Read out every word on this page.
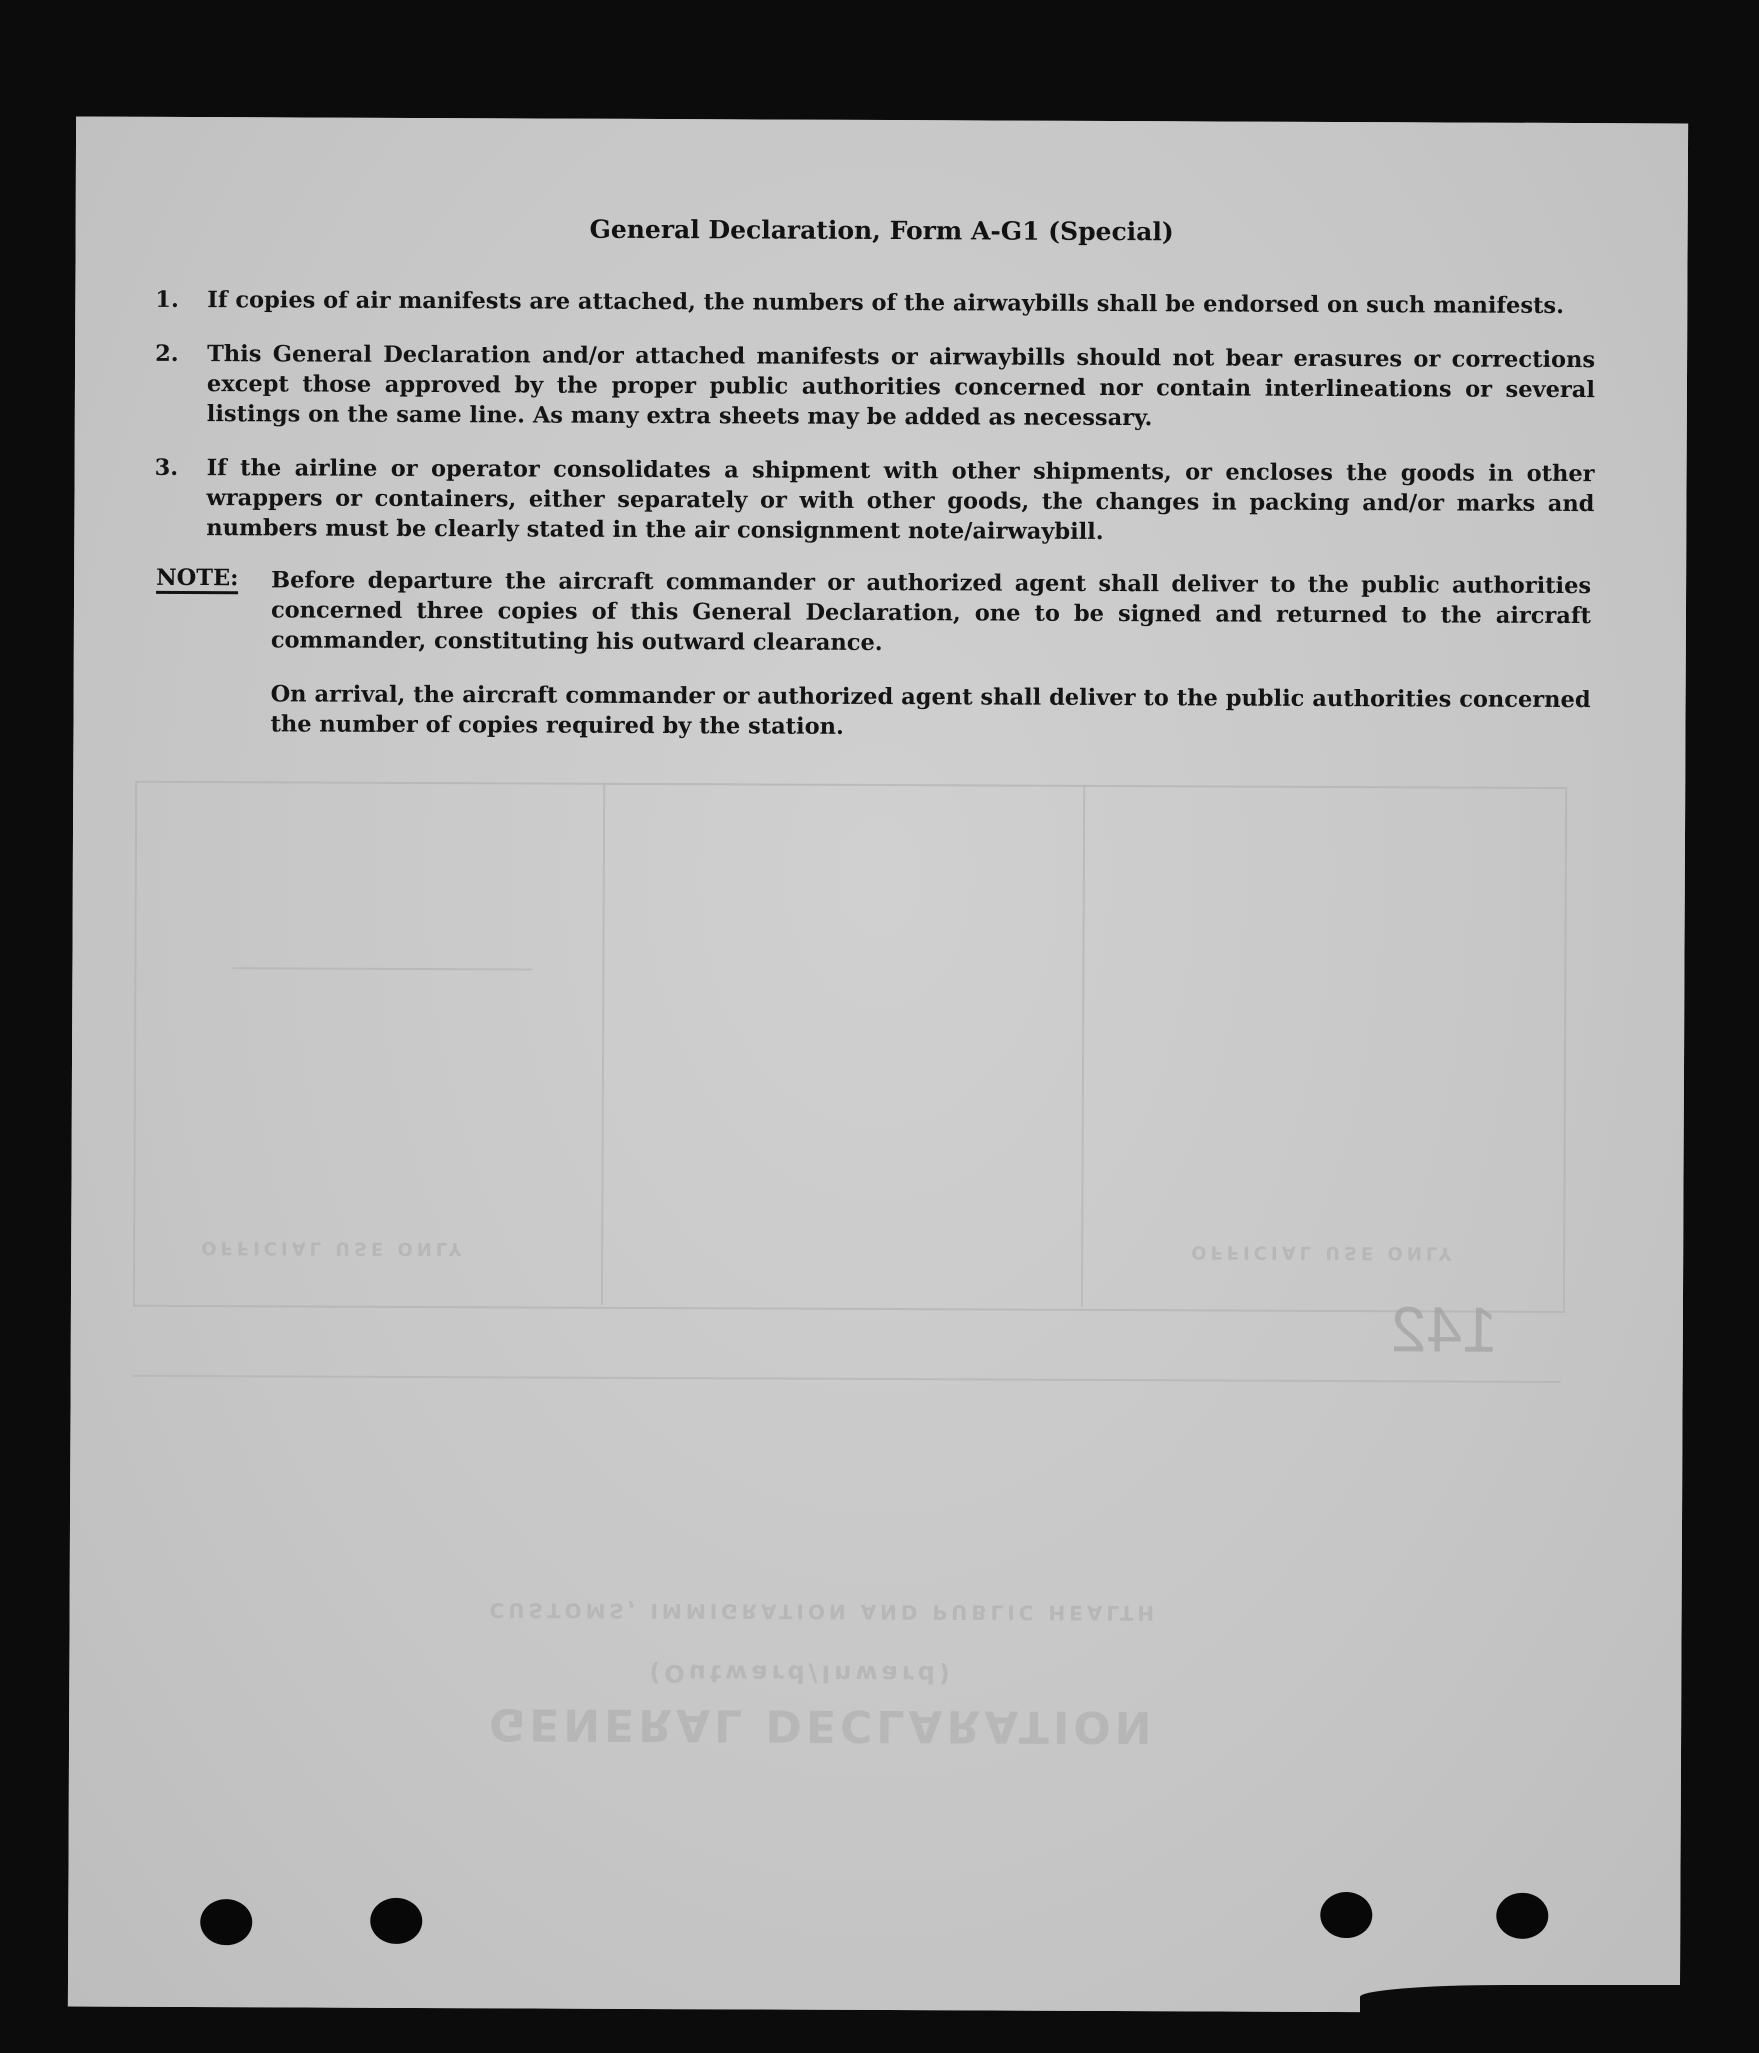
GENERAL DECLARATION
(Outward/Inward)
CUSTOMS, IMMIGRATION AND PUBLIC HEALTH
OFFICIAL USE ONLY	OFFICIAL USE ONLY
142
General Declaration, Form A-G1 (Special)
1. If copies of air manifests are attached, the numbers of the airwaybills shall be endorsed on such manifests.
2. This General Declaration and/or attached manifests or airwaybills should not bear erasures or corrections except those approved by the proper public authorities concerned nor contain interlineations or several listings on the same line. As many extra sheets may be added as necessary.
3. If the airline or operator consolidates a shipment with other shipments, or encloses the goods in other wrappers or containers, either separately or with other goods, the changes in packing and/or marks and numbers must be clearly stated in the air consignment note/airwaybill.
NOTE: Before departure the aircraft commander or authorized agent shall deliver to the public authorities concerned three copies of this General Declaration, one to be signed and returned to the aircraft commander, constituting his outward clearance.
On arrival, the aircraft commander or authorized agent shall deliver to the public authorities concerned the number of copies required by the station.
